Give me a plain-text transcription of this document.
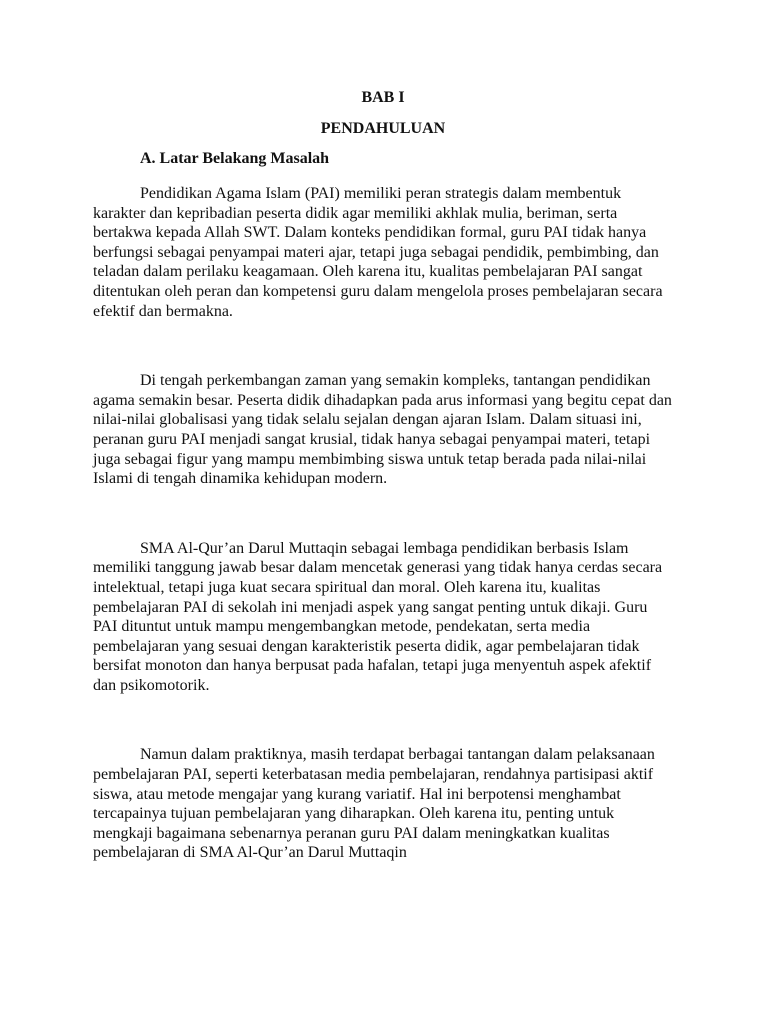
BAB I

PENDAHULUAN

A. Latar Belakang Masalah

Pendidikan Agama Islam (PAI) memiliki peran strategis dalam membentuk karakter dan kepribadian peserta didik agar memiliki akhlak mulia, beriman, serta bertakwa kepada Allah SWT. Dalam konteks pendidikan formal, guru PAI tidak hanya berfungsi sebagai penyampai materi ajar, tetapi juga sebagai pendidik, pembimbing, dan teladan dalam perilaku keagamaan. Oleh karena itu, kualitas pembelajaran PAI sangat ditentukan oleh peran dan kompetensi guru dalam mengelola proses pembelajaran secara efektif dan bermakna.

Di tengah perkembangan zaman yang semakin kompleks, tantangan pendidikan agama semakin besar. Peserta didik dihadapkan pada arus informasi yang begitu cepat dan nilai-nilai globalisasi yang tidak selalu sejalan dengan ajaran Islam. Dalam situasi ini, peranan guru PAI menjadi sangat krusial, tidak hanya sebagai penyampai materi, tetapi juga sebagai figur yang mampu membimbing siswa untuk tetap berada pada nilai-nilai Islami di tengah dinamika kehidupan modern.

SMA Al-Qur’an Darul Muttaqin sebagai lembaga pendidikan berbasis Islam memiliki tanggung jawab besar dalam mencetak generasi yang tidak hanya cerdas secara intelektual, tetapi juga kuat secara spiritual dan moral. Oleh karena itu, kualitas pembelajaran PAI di sekolah ini menjadi aspek yang sangat penting untuk dikaji. Guru PAI dituntut untuk mampu mengembangkan metode, pendekatan, serta media pembelajaran yang sesuai dengan karakteristik peserta didik, agar pembelajaran tidak bersifat monoton dan hanya berpusat pada hafalan, tetapi juga menyentuh aspek afektif dan psikomotorik.

Namun dalam praktiknya, masih terdapat berbagai tantangan dalam pelaksanaan pembelajaran PAI, seperti keterbatasan media pembelajaran, rendahnya partisipasi aktif siswa, atau metode mengajar yang kurang variatif. Hal ini berpotensi menghambat tercapainya tujuan pembelajaran yang diharapkan. Oleh karena itu, penting untuk mengkaji bagaimana sebenarnya peranan guru PAI dalam meningkatkan kualitas pembelajaran di SMA Al-Qur’an Darul Muttaqin
